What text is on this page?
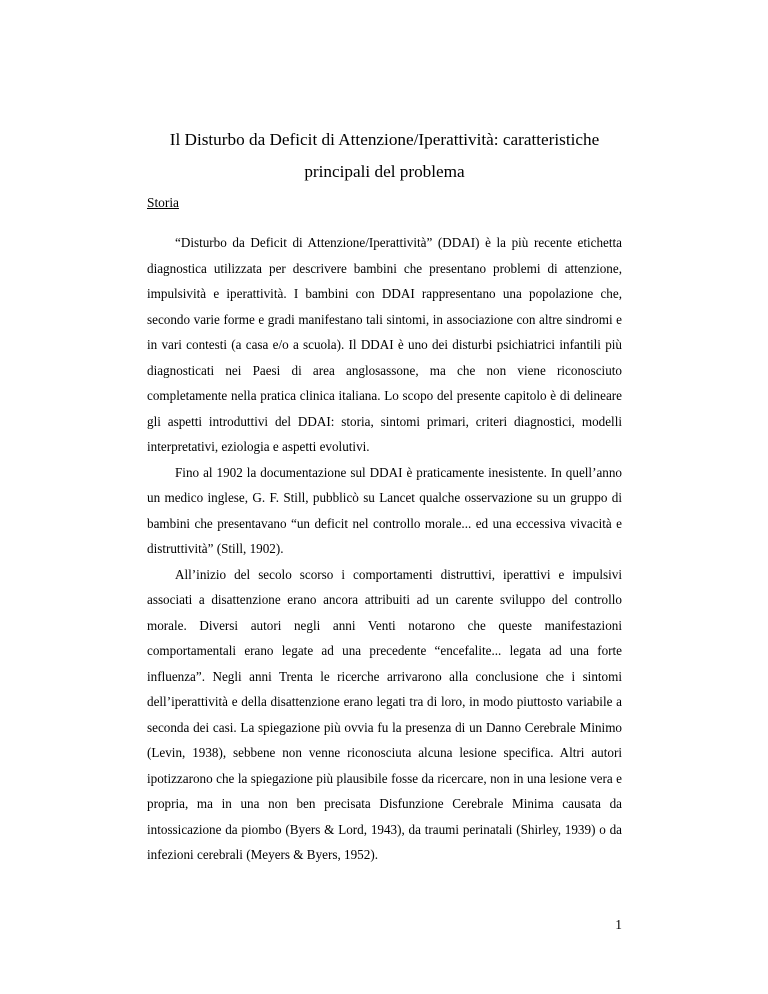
Il Disturbo da Deficit di Attenzione/Iperattività: caratteristiche
principali del problema
Storia

“Disturbo da Deficit di Attenzione/Iperattività” (DDAI) è la più recente etichetta diagnostica utilizzata per descrivere bambini che presentano problemi di attenzione, impulsività e iperattività. I bambini con DDAI rappresentano una popolazione che, secondo varie forme e gradi manifestano tali sintomi, in associazione con altre sindromi e in vari contesti (a casa e/o a scuola). Il DDAI è uno dei disturbi psichiatrici infantili più diagnosticati nei Paesi di area anglosassone, ma che non viene riconosciuto completamente nella pratica clinica italiana. Lo scopo del presente capitolo è di delineare gli aspetti introduttivi del DDAI: storia, sintomi primari, criteri diagnostici, modelli interpretativi, eziologia e aspetti evolutivi.

Fino al 1902 la documentazione sul DDAI è praticamente inesistente. In quell’anno un medico inglese, G. F. Still, pubblicò su Lancet qualche osservazione su un gruppo di bambini che presentavano “un deficit nel controllo morale... ed una eccessiva vivacità e distruttività” (Still, 1902).

All’inizio del secolo scorso i comportamenti distruttivi, iperattivi e impulsivi associati a disattenzione erano ancora attribuiti ad un carente sviluppo del controllo morale. Diversi autori negli anni Venti notarono che queste manifestazioni comportamentali erano legate ad una precedente “encefalite... legata ad una forte influenza”. Negli anni Trenta le ricerche arrivarono alla conclusione che i sintomi dell’iperattività e della disattenzione erano legati tra di loro, in modo piuttosto variabile a seconda dei casi. La spiegazione più ovvia fu la presenza di un Danno Cerebrale Minimo (Levin, 1938), sebbene non venne riconosciuta alcuna lesione specifica. Altri autori ipotizzarono che la spiegazione più plausibile fosse da ricercare, non in una lesione vera e propria, ma in una non ben precisata Disfunzione Cerebrale Minima causata da intossicazione da piombo (Byers & Lord, 1943), da traumi perinatali (Shirley, 1939) o da infezioni cerebrali (Meyers & Byers, 1952).

1
